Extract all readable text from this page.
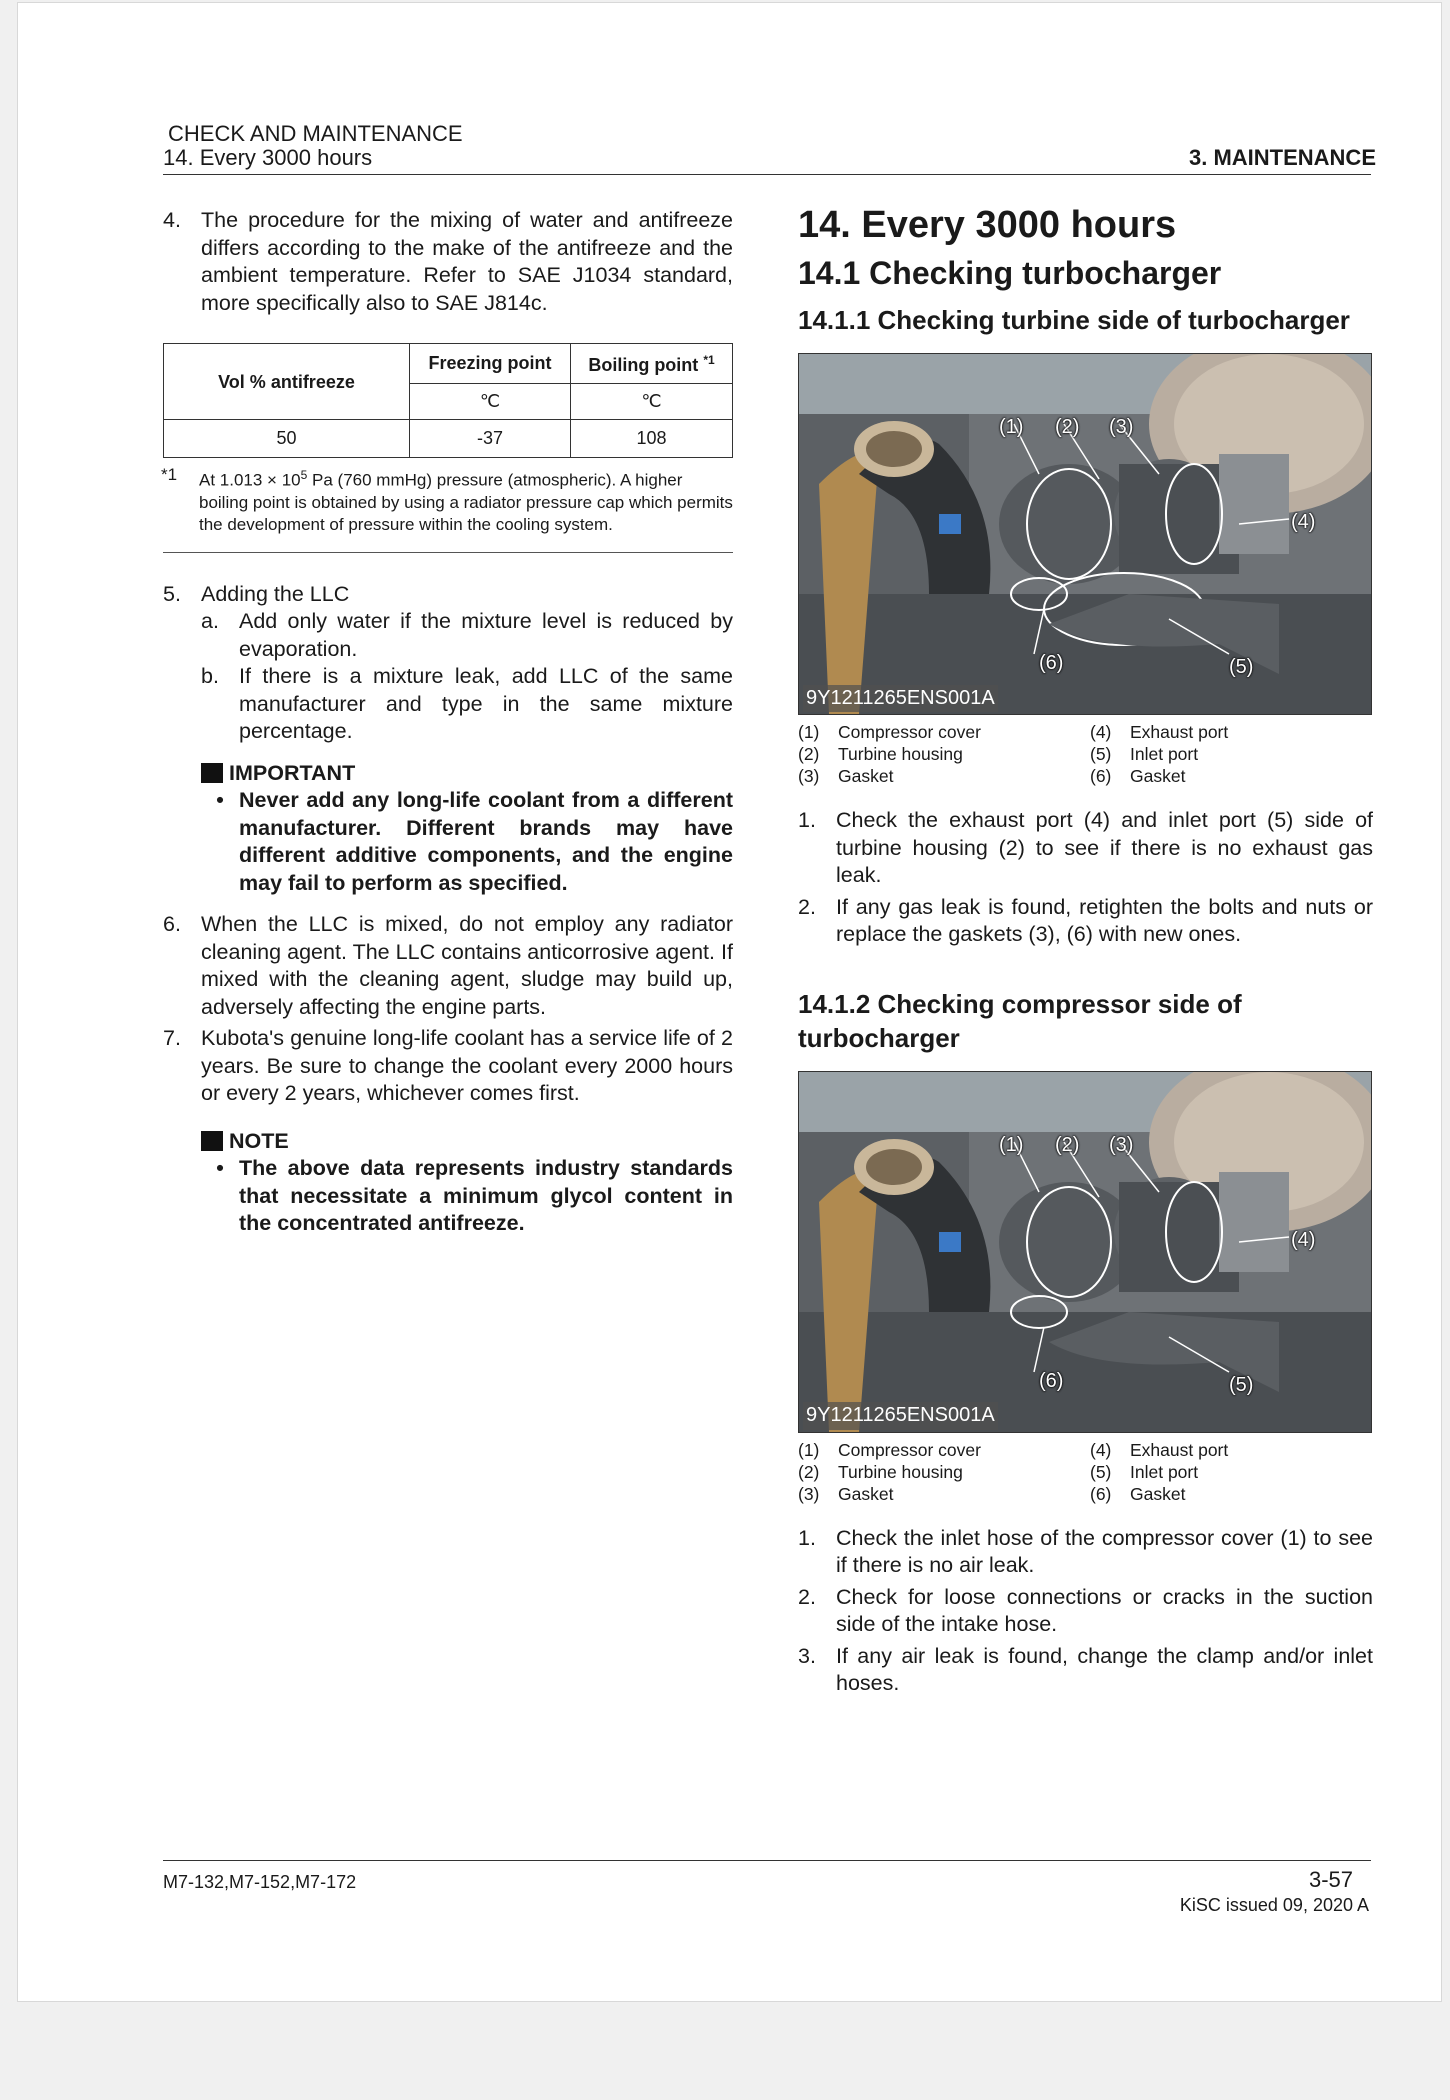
CHECK AND MAINTENANCE
14. Every 3000 hours	3. MAINTENANCE
4. The procedure for the mixing of water and antifreeze differs according to the make of the antifreeze and the ambient temperature. Refer to SAE J1034 standard, more specifically also to SAE J814c.
Vol % antifreeze	Freezing point	Boiling point $^{*1}$
	℃	℃
50	-37	108
*1	At $1.013 \times 10^5$ Pa (760 mmHg) pressure (atmospheric). A higher boiling point is obtained by using a radiator pressure cap which permits the development of pressure within the cooling system.
5. Adding the LLC
a. Add only water if the mixture level is reduced by evaporation.
b. If there is a mixture leak, add LLC of the same manufacturer and type in the same mixture percentage.
IMPORTANT
• Never add any long-life coolant from a different manufacturer. Different brands may have different additive components, and the engine may fail to perform as specified.
6. When the LLC is mixed, do not employ any radiator cleaning agent. The LLC contains anticorrosive agent. If mixed with the cleaning agent, sludge may build up, adversely affecting the engine parts.
7. Kubota's genuine long-life coolant has a service life of 2 years. Be sure to change the coolant every 2000 hours or every 2 years, whichever comes first.
NOTE
• The above data represents industry standards that necessitate a minimum glycol content in the concentrated antifreeze.
14. Every 3000 hours
14.1 Checking turbocharger
14.1.1 Checking turbine side of turbocharger
(1) (2) (3)
(4)
(5)
(6)
9Y1211265ENS001A
(1)	Compressor cover	(4)	Exhaust port
(2)	Turbine housing	(5)	Inlet port
(3)	Gasket	(6)	Gasket
1. Check the exhaust port (4) and inlet port (5) side of turbine housing (2) to see if there is no exhaust gas leak.
2. If any gas leak is found, retighten the bolts and nuts or replace the gaskets (3), (6) with new ones.
14.1.2 Checking compressor side of turbocharger
(1) (2) (3)
(4)
(5)
(6)
9Y1211265ENS001A
(1)	Compressor cover	(4)	Exhaust port
(2)	Turbine housing	(5)	Inlet port
(3)	Gasket	(6)	Gasket
1. Check the inlet hose of the compressor cover (1) to see if there is no air leak.
2. Check for loose connections or cracks in the suction side of the intake hose.
3. If any air leak is found, change the clamp and/or inlet hoses.
M7-132,M7-152,M7-172	3-57
KiSC issued 09, 2020 A
